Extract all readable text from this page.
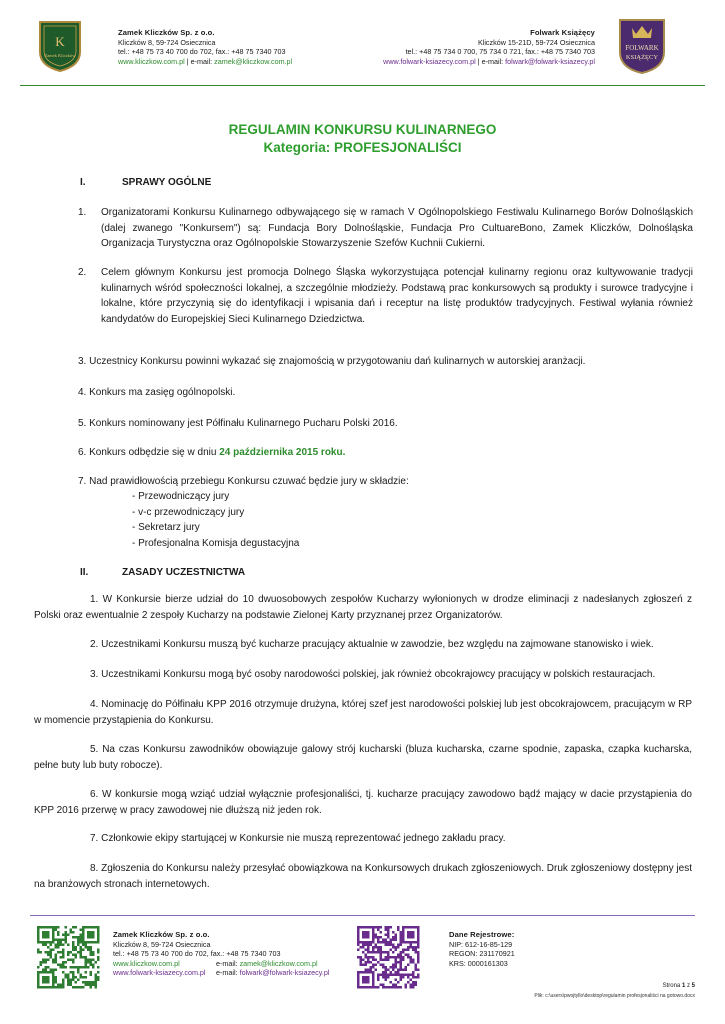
K
Zamek Kliczków
Zamek Kliczków Sp. z o.o.
Kliczków 8, 59-724 Osiecznica
tel.: +48 75 73 40 700 do 702, fax.: +48 75 7340 703
www.kliczkow.com.pl | e-mail: zamek@kliczkow.com.pl
Folwark Książęcy
Kliczków 15-21D, 59-724 Osiecznica
tel.: +48 75 734 0 700, 75 734 0 721, fax.: +48 75 7340 703
www.folwark-ksiazecy.com.pl | e-mail: folwark@folwark-ksiazecy.pl
FOLWARK
KSIĄŻĘCY
REGULAMIN KONKURSU KULINARNEGO
Kategoria: PROFESJONALIŚCI
I.	SPRAWY OGÓLNE
1. Organizatorami Konkursu Kulinarnego odbywającego się w ramach V Ogólnopolskiego Festiwalu Kulinarnego Borów Dolnośląskich (dalej zwanego "Konkursem") są: Fundacja Bory Dolnośląskie, Fundacja Pro CultuareBono, Zamek Kliczków, Dolnośląska Organizacja Turystyczna oraz Ogólnopolskie Stowarzyszenie Szefów Kuchnii Cukierni.
2. Celem głównym Konkursu jest promocja Dolnego Śląska wykorzystująca potencjał kulinarny regionu oraz kultywowanie tradycji kulinarnych wśród społeczności lokalnej, a szczególnie młodzieży. Podstawą prac konkursowych są produkty i surowce tradycyjne i lokalne, które przyczynią się do identyfikacji i wpisania dań i receptur na listę produktów tradycyjnych. Festiwal wyłania również kandydatów do Europejskiej Sieci Kulinarnego Dziedzictwa.
3. Uczestnicy Konkursu powinni wykazać się znajomością w przygotowaniu dań kulinarnych w autorskiej aranżacji.
4. Konkurs ma zasięg ogólnopolski.
5. Konkurs nominowany jest Półfinału Kulinarnego Pucharu Polski 2016.
6. Konkurs odbędzie się w dniu 24 października 2015 roku.
7. Nad prawidłowością przebiegu Konkursu czuwać będzie jury w składzie:
- Przewodniczący jury
- v-c przewodniczący jury
- Sekretarz jury
- Profesjonalna Komisja degustacyjna
II.	ZASADY UCZESTNICTWA
1. W Konkursie bierze udział do 10 dwuosobowych zespołów Kucharzy wyłonionych w drodze eliminacji z nadesłanych zgłoszeń z Polski oraz ewentualnie 2 zespoły Kucharzy na podstawie Zielonej Karty przyznanej przez Organizatorów.
2. Uczestnikami Konkursu muszą być kucharze pracujący aktualnie w zawodzie, bez względu na zajmowane stanowisko i wiek.
3. Uczestnikami Konkursu mogą być osoby narodowości polskiej, jak również obcokrajowcy pracujący w polskich restauracjach.
4. Nominację do Półfinału KPP 2016 otrzymuje drużyna, której szef jest narodowości polskiej lub jest obcokrajowcem, pracującym w RP w momencie przystąpienia do Konkursu.
5. Na czas Konkursu zawodników obowiązuje galowy strój kucharski (bluza kucharska, czarne spodnie, zapaska, czapka kucharska, pełne buty lub buty robocze).
6. W konkursie mogą wziąć udział wyłącznie profesjonaliści, tj. kucharze pracujący zawodowo bądź mający w dacie przystąpienia do KPP 2016 przerwę w pracy zawodowej nie dłuższą niż jeden rok.
7. Członkowie ekipy startującej w Konkursie nie muszą reprezentować jednego zakładu pracy.
8. Zgłoszenia do Konkursu należy przesyłać obowiązkowa na Konkursowych drukach zgłoszeniowych. Druk zgłoszeniowy dostępny jest na branżowych stronach internetowych.
Zamek Kliczków Sp. z o.o.
Kliczków 8, 59-724 Osiecznica
tel.: +48 75 73 40 700 do 702, fax.: +48 75 7340 703
www.kliczkow.com.pl	e-mail: zamek@kliczkow.com.pl
www.folwark-ksiazecy.com.pl e-mail: folwark@folwark-ksiazecy.pl
Dane Rejestrowe:
NIP: 612-16-85-129
REGON: 231170921
KRS: 0000161303
Strona 1 z 5
Plik: c:\users\pwojtyllo\desktop\regulamin profesjonaliści na gotowo.docx
